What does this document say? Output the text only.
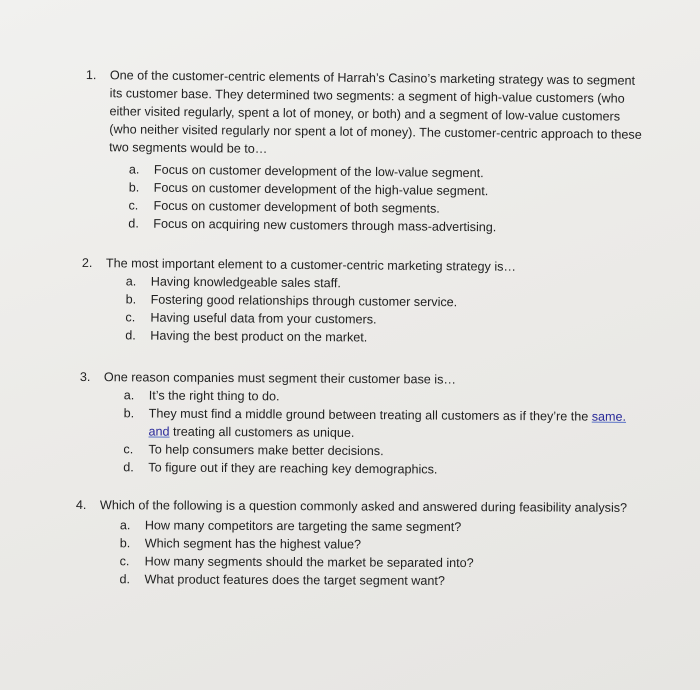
1. One of the customer-centric elements of Harrah’s Casino’s marketing strategy was to segment
its customer base. They determined two segments: a segment of high-value customers (who
either visited regularly, spent a lot of money, or both) and a segment of low-value customers
(who neither visited regularly nor spent a lot of money). The customer-centric approach to these
two segments would be to…
a. Focus on customer development of the low-value segment.
b. Focus on customer development of the high-value segment.
c. Focus on customer development of both segments.
d. Focus on acquiring new customers through mass-advertising.
2. The most important element to a customer-centric marketing strategy is…
a. Having knowledgeable sales staff.
b. Fostering good relationships through customer service.
c. Having useful data from your customers.
d. Having the best product on the market.
3. One reason companies must segment their customer base is…
a. It’s the right thing to do.
b. They must find a middle ground between treating all customers as if they’re the same.
and treating all customers as unique.
c. To help consumers make better decisions.
d. To figure out if they are reaching key demographics.
4. Which of the following is a question commonly asked and answered during feasibility analysis?
a. How many competitors are targeting the same segment?
b. Which segment has the highest value?
c. How many segments should the market be separated into?
d. What product features does the target segment want?
